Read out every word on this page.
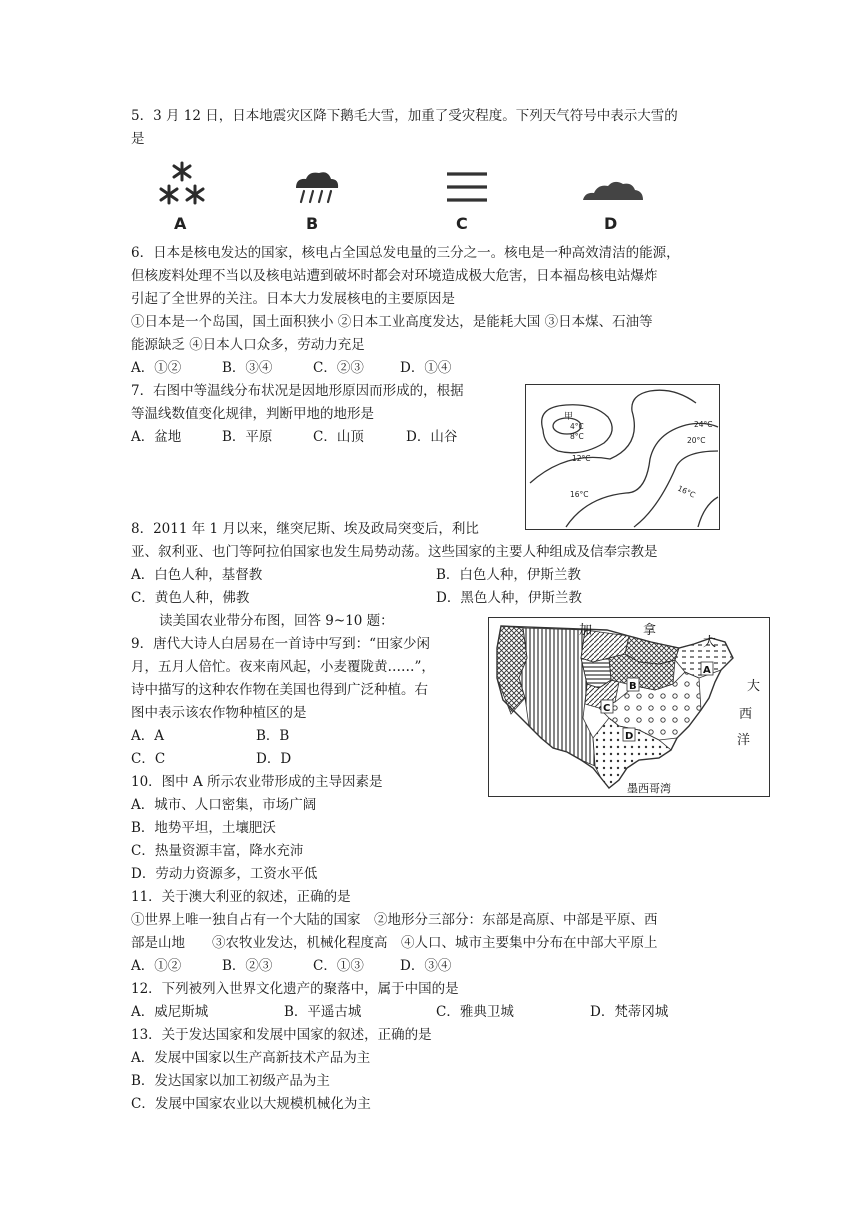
5．3 月 12 日，日本地震灾区降下鹅毛大雪，加重了受灾程度。下列天气符号中表示大雪的
是
A	B	C	D
6．日本是核电发达的国家，核电占全国总发电量的三分之一。核电是一种高效清洁的能源，
但核废料处理不当以及核电站遭到破坏时都会对环境造成极大危害，日本福岛核电站爆炸
引起了全世界的关注。日本大力发展核电的主要原因是
①日本是一个岛国，国土面积狭小 ②日本工业高度发达，是能耗大国 ③日本煤、石油等
能源缺乏 ④日本人口众多，劳动力充足
A．①②	B．③④	C．②③	D．①④
7．右图中等温线分布状况是因地形原因而形成的，根据
等温线数值变化规律，判断甲地的地形是
A．盆地	B．平原	C．山顶	D．山谷
甲
4°C
8°C
12°C
16°C	16°C
20°C
24°C
8．2011 年 1 月以来，继突尼斯、埃及政局突变后，利比
亚、叙利亚、也门等阿拉伯国家也发生局势动荡。这些国家的主要人种组成及信奉宗教是
A．白色人种，基督教	B．白色人种，伊斯兰教
C．黄色人种，佛教	D．黑色人种，伊斯兰教
读美国农业带分布图，回答 9~10 题：
9．唐代大诗人白居易在一首诗中写到：“田家少闲
月，五月人倍忙。夜来南风起，小麦覆陇黄……”，
诗中描写的这种农作物在美国也得到广泛种植。右
图中表示该农作物种植区的是
A．A	B．B
C．C	D．D
B
C
A
D
加	拿
大
大
西
洋
墨西哥湾
10．图中 A 所示农业带形成的主导因素是
A．城市、人口密集，市场广阔
B．地势平坦，土壤肥沃
C．热量资源丰富，降水充沛
D．劳动力资源多，工资水平低
11．关于澳大利亚的叙述，正确的是
①世界上唯一独自占有一个大陆的国家　②地形分三部分：东部是高原、中部是平原、西
部是山地　　③农牧业发达，机械化程度高　④人口、城市主要集中分布在中部大平原上
A．①②	B．②③	C．①③	D．③④
12．下列被列入世界文化遗产的聚落中，属于中国的是
A．威尼斯城	B．平遥古城	C．雅典卫城	D．梵蒂冈城
13．关于发达国家和发展中国家的叙述，正确的是
A．发展中国家以生产高新技术产品为主
B．发达国家以加工初级产品为主
C．发展中国家农业以大规模机械化为主
